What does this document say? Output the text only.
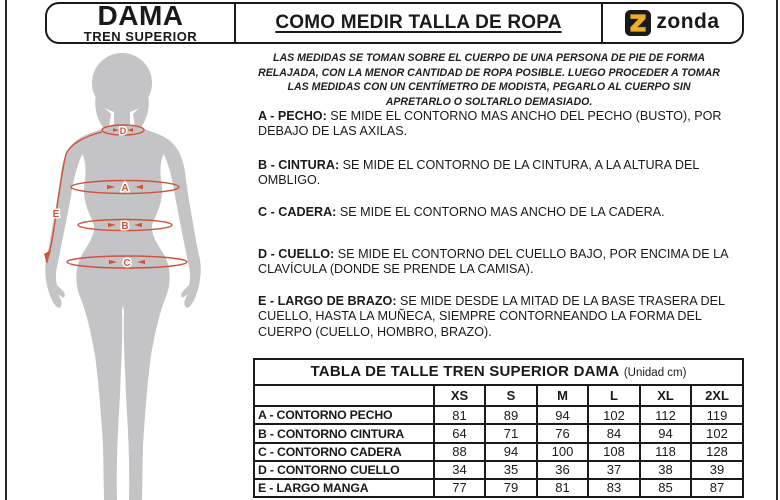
DAMA
TREN SUPERIOR
COMO MEDIR TALLA DE ROPA	zonda
LAS MEDIDAS SE TOMAN SOBRE EL CUERPO DE UNA PERSONA DE PIE DE FORMA RELAJADA, CON LA MENOR CANTIDAD DE ROPA POSIBLE. LUEGO PROCEDER A TOMAR LAS MEDIDAS CON UN CENTÍMETRO DE MODISTA, PEGARLO AL CUERPO SIN APRETARLO O SOLTARLO DEMASIADO.
A - PECHO: SE MIDE EL CONTORNO MAS ANCHO DEL PECHO (BUSTO), POR DEBAJO DE LAS AXILAS.
B - CINTURA: SE MIDE EL CONTORNO DE LA CINTURA, A LA ALTURA DEL OMBLIGO.
C - CADERA: SE MIDE EL CONTORNO MAS ANCHO DE LA CADERA.
D - CUELLO: SE MIDE EL CONTORNO DEL CUELLO BAJO, POR ENCIMA DE LA CLAVÍCULA (DONDE SE PRENDE LA CAMISA).
E - LARGO DE BRAZO: SE MIDE DESDE LA MITAD DE LA BASE TRASERA DEL CUELLO, HASTA LA MUÑECA, SIEMPRE CONTORNEANDO LA FORMA DEL CUERPO (CUELLO, HOMBRO, BRAZO).
D
A
B
C
E
TABLA DE TALLE TREN SUPERIOR DAMA (Unidad cm)						
	XS	S	M	L	XL	2XL
A - CONTORNO PECHO	81	89	94	102	112	119
B - CONTORNO CINTURA	64	71	76	84	94	102
C - CONTORNO CADERA	88	94	100	108	118	128
D - CONTORNO CUELLO	34	35	36	37	38	39
E - LARGO MANGA	77	79	81	83	85	87
